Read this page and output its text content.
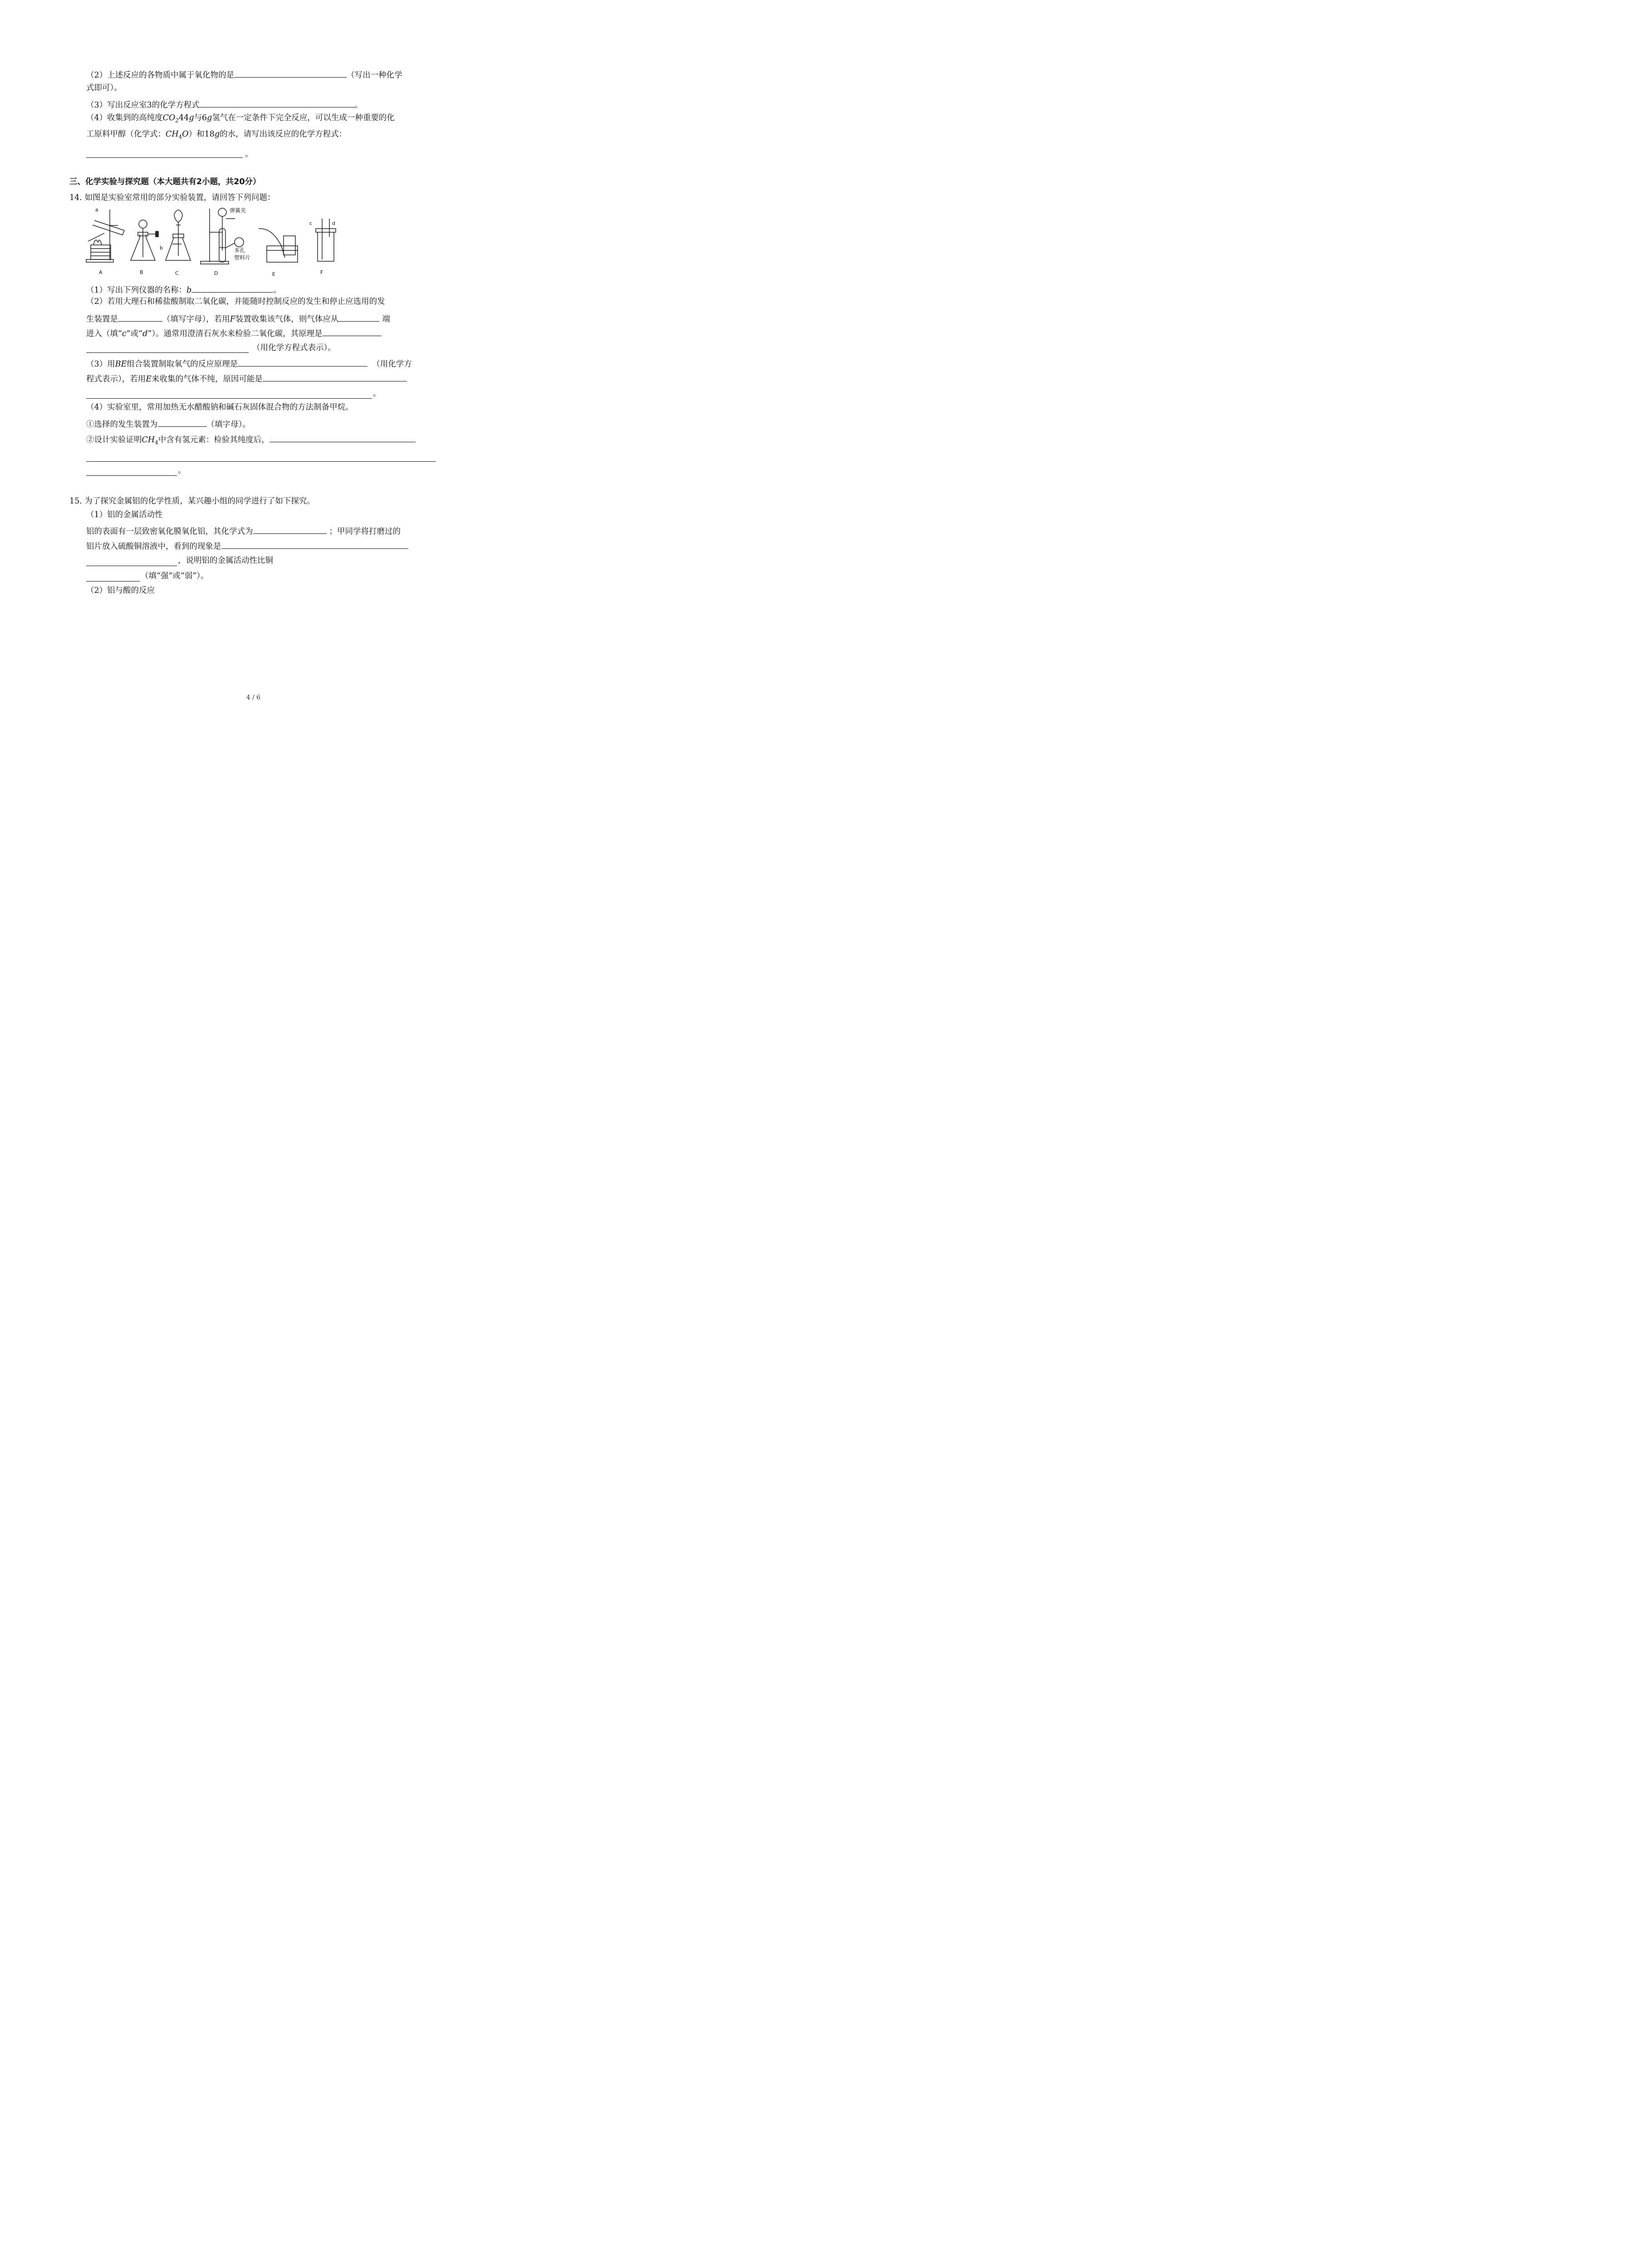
（2）上述反应的各物质中属于氧化物的是	（写出一种化学
式即可）。
（3）写出反应室3的化学方程式	。
（4）收集到的高纯度$CO_244g$与6g氢气在一定条件下完全反应，可以生成一种重要的化
工原料甲醇（化学式：$CH_4O$）和18g的水，请写出该反应的化学方程式：
。
三、化学实验与探究题（本大题共有2小题，共20分）
14. 如图是实验室常用的部分实验装置，请回答下列问题：
a
b
c	d
弹簧夹
多孔
塑料片
A	B	C	D	E	F
（1）写出下列仪器的名称：b	。
（2）若用大理石和稀盐酸制取二氧化碳，并能随时控制反应的发生和停止应选用的发
生装置是	（填写字母），若用F装置收集该气体，则气体应从	端
进入（填“c”或“d”）。通常用澄清石灰水来检验二氧化碳，其原理是
（用化学方程式表示）。
（3）用BE组合装置制取氧气的反应原理是	（用化学方
程式表示），若用E来收集的气体不纯，原因可能是
。
（4）实验室里，常用加热无水醋酸钠和碱石灰固体混合物的方法制备甲烷。
①选择的发生装置为	（填字母）。
②设计实验证明$CH_4$中含有氢元素：检验其纯度后，
。
15. 为了探究金属铝的化学性质，某兴趣小组的同学进行了如下探究。
（1）铝的金属活动性
铝的表面有一层致密氧化膜氧化铝，其化学式为	；甲同学将打磨过的
铝片放入硫酸铜溶液中，看到的现象是
，说明铝的金属活动性比铜
（填“强”或“弱”）。
（2）铝与酸的反应
4 / 6
